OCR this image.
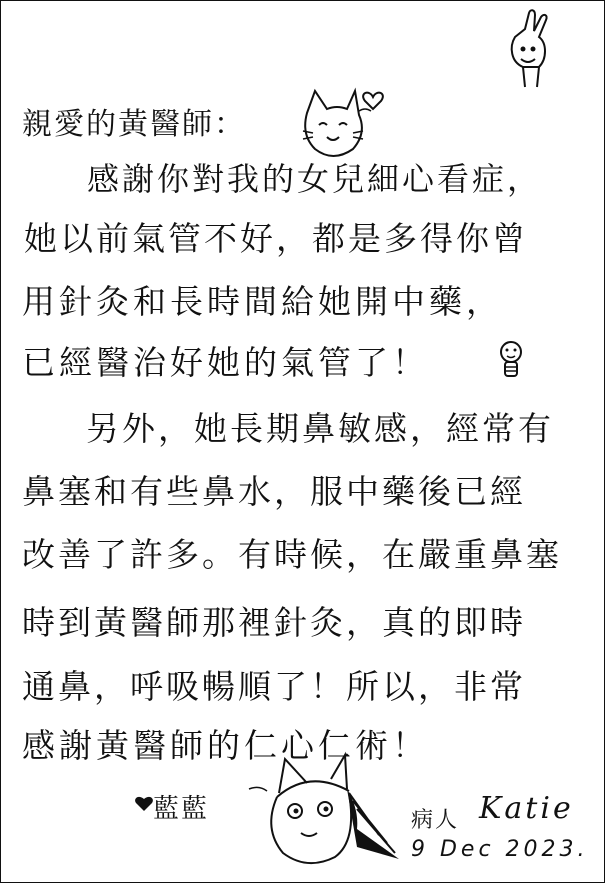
親愛的黃醫師：
感謝你對我的女兒細心看症，
她以前氣管不好，都是多得你曾
用針灸和長時間給她開中藥，
已經醫治好她的氣管了！
另外，她長期鼻敏感，經常有
鼻塞和有些鼻水，服中藥後已經
改善了許多。有時候，在嚴重鼻塞
時到黃醫師那裡針灸，真的即時
通鼻，呼吸暢順了！所以，非常
感謝黃醫師的仁心仁術！
藍藍	病人 Katie
9 Dec 2023.
